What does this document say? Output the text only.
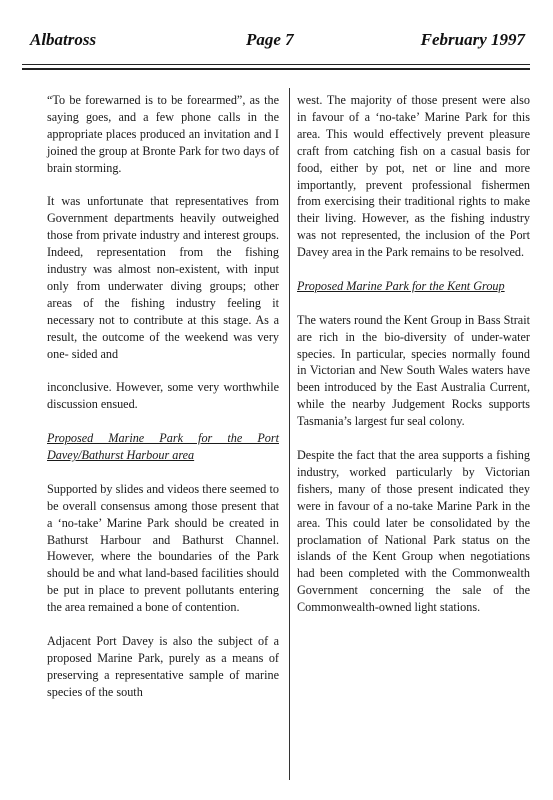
Albatross	Page 7	February 1997

“To be forewarned is to be forearmed”, as the saying goes, and a few phone calls in the appropriate places produced an invitation and I joined the group at Bronte Park for two days of brain storming.

It was unfortunate that representatives from Government departments heavily outweighed those from private industry and interest groups. Indeed, representation from the fishing industry was almost non-existent, with input only from underwater diving groups; other areas of the fishing industry feeling it necessary not to contribute at this stage. As a result, the outcome of the weekend was very one- sided and

inconclusive. However, some very worthwhile discussion ensued.

Proposed Marine Park for the Port Davey/Bathurst Harbour area

Supported by slides and videos there seemed to be overall consensus among those present that a ‘no-take’ Marine Park should be created in Bathurst Harbour and Bathurst Channel. However, where the boundaries of the Park should be and what land-based facilities should be put in place to prevent pollutants entering the area remained a bone of contention.

Adjacent Port Davey is also the subject of a proposed Marine Park, purely as a means of preserving a representative sample of marine species of the south

west. The majority of those present were also in favour of a ‘no-take’ Marine Park for this area. This would effectively prevent pleasure craft from catching fish on a casual basis for food, either by pot, net or line and more importantly, prevent professional fishermen from exercising their traditional rights to make their living. However, as the fishing industry was not represented, the inclusion of the Port Davey area in the Park remains to be resolved.

Proposed Marine Park for the Kent Group

The waters round the Kent Group in Bass Strait are rich in the bio-diversity of under-water species. In particular, species normally found in Victorian and New South Wales waters have been introduced by the East Australia Current, while the nearby Judgement Rocks supports Tasmania’s largest fur seal colony.

Despite the fact that the area supports a fishing industry, worked particularly by Victorian fishers, many of those present indicated they were in favour of a no-take Marine Park in the area. This could later be consolidated by the proclamation of National Park status on the islands of the Kent Group when negotiations had been completed with the Commonwealth Government concerning the sale of the Commonwealth-owned light stations.
